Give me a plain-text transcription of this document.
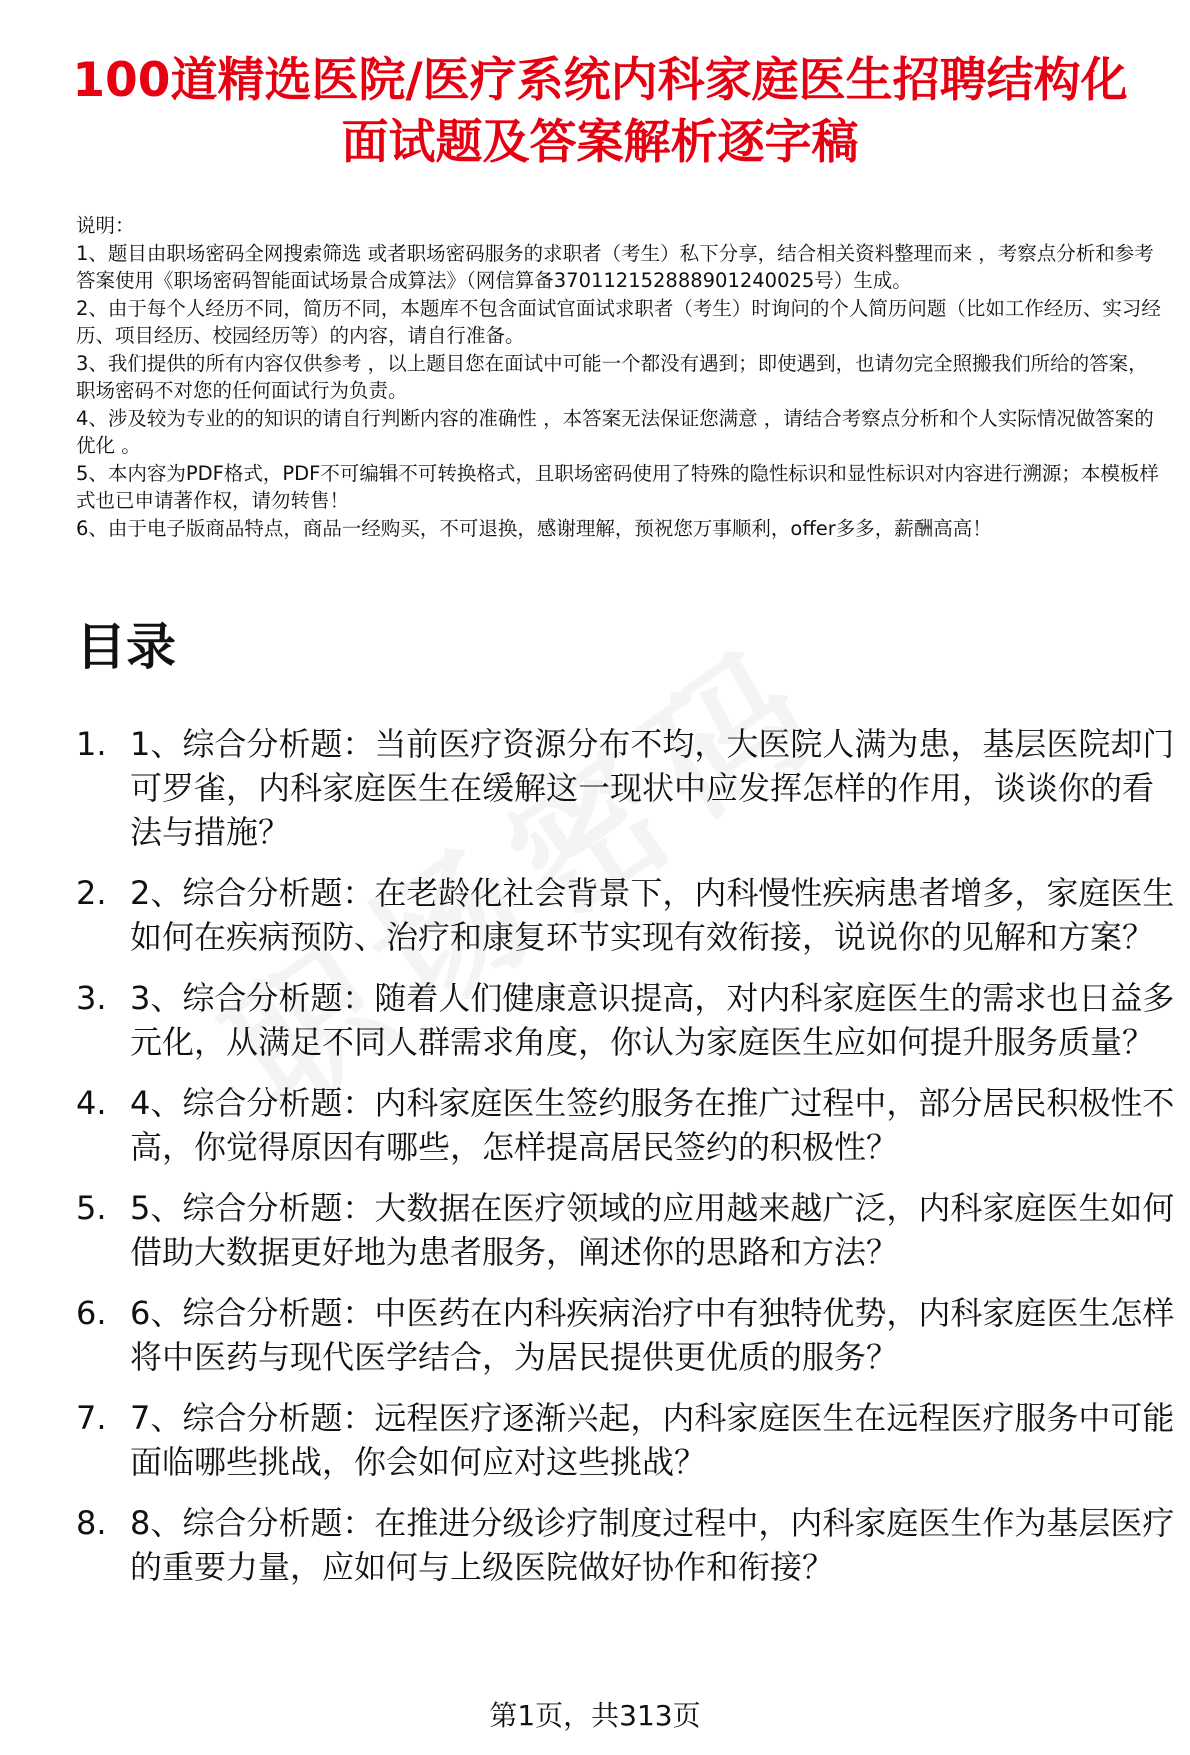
100道精选医院/医疗系统内科家庭医生招聘结构化面试题及答案解析逐字稿
说明：
1、题目由职场密码全网搜索筛选 或者职场密码服务的求职者（考生）私下分享，结合相关资料整理而来 ，考察点分析和参考答案使用《职场密码智能面试场景合成算法》（网信算备370112152888901240025号）生成。
2、由于每个人经历不同，简历不同，本题库不包含面试官面试求职者（考生）时询问的个人简历问题（比如工作经历、实习经历、项目经历、校园经历等）的内容，请自行准备。
3、我们提供的所有内容仅供参考 ，以上题目您在面试中可能一个都没有遇到；即使遇到，也请勿完全照搬我们所给的答案，职场密码不对您的任何面试行为负责。
4、涉及较为专业的的知识的请自行判断内容的准确性 ，本答案无法保证您满意 ，请结合考察点分析和个人实际情况做答案的优化 。
5、本内容为PDF格式，PDF不可编辑不可转换格式，且职场密码使用了特殊的隐性标识和显性标识对内容进行溯源；本模板样式也已申请著作权，请勿转售！
6、由于电子版商品特点，商品一经购买，不可退换，感谢理解，预祝您万事顺利，offer多多，薪酬高高！
目录
1. 1、综合分析题：当前医疗资源分布不均，大医院人满为患，基层医院却门可罗雀，内科家庭医生在缓解这一现状中应发挥怎样的作用，谈谈你的看法与措施？
2. 2、综合分析题：在老龄化社会背景下，内科慢性疾病患者增多，家庭医生如何在疾病预防、治疗和康复环节实现有效衔接，说说你的见解和方案？
3. 3、综合分析题：随着人们健康意识提高，对内科家庭医生的需求也日益多元化，从满足不同人群需求角度，你认为家庭医生应如何提升服务质量？
4. 4、综合分析题：内科家庭医生签约服务在推广过程中，部分居民积极性不高，你觉得原因有哪些，怎样提高居民签约的积极性？
5. 5、综合分析题：大数据在医疗领域的应用越来越广泛，内科家庭医生如何借助大数据更好地为患者服务，阐述你的思路和方法？
6. 6、综合分析题：中医药在内科疾病治疗中有独特优势，内科家庭医生怎样将中医药与现代医学结合，为居民提供更优质的服务？
7. 7、综合分析题：远程医疗逐渐兴起，内科家庭医生在远程医疗服务中可能面临哪些挑战，你会如何应对这些挑战？
8. 8、综合分析题：在推进分级诊疗制度过程中，内科家庭医生作为基层医疗的重要力量，应如何与上级医院做好协作和衔接？
第1页，共313页
